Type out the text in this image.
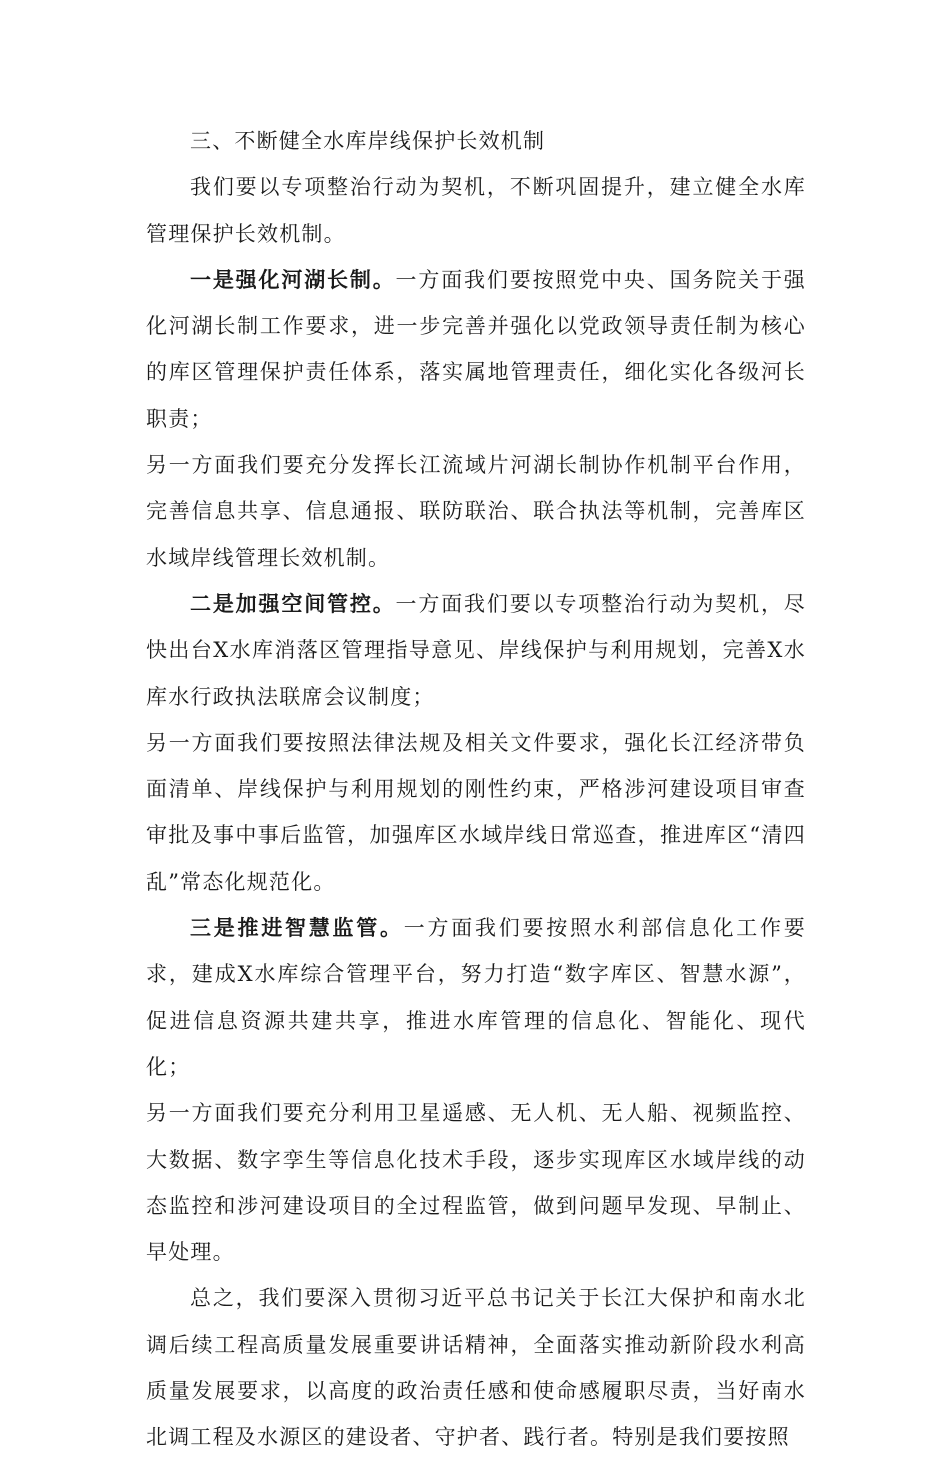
三、不断健全水库岸线保护长效机制

我们要以专项整治行动为契机，不断巩固提升，建立健全水库管理保护长效机制。

一是强化河湖长制。一方面我们要按照党中央、国务院关于强化河湖长制工作要求，进一步完善并强化以党政领导责任制为核心的库区管理保护责任体系，落实属地管理责任，细化实化各级河长职责；

另一方面我们要充分发挥长江流域片河湖长制协作机制平台作用，完善信息共享、信息通报、联防联治、联合执法等机制，完善库区水域岸线管理长效机制。

二是加强空间管控。一方面我们要以专项整治行动为契机，尽快出台X水库消落区管理指导意见、岸线保护与利用规划，完善X水库水行政执法联席会议制度；

另一方面我们要按照法律法规及相关文件要求，强化长江经济带负面清单、岸线保护与利用规划的刚性约束，严格涉河建设项目审查审批及事中事后监管，加强库区水域岸线日常巡查，推进库区“清四乱”常态化规范化。

三是推进智慧监管。一方面我们要按照水利部信息化工作要求，建成X水库综合管理平台，努力打造“数字库区、智慧水源”，促进信息资源共建共享，推进水库管理的信息化、智能化、现代化；

另一方面我们要充分利用卫星遥感、无人机、无人船、视频监控、大数据、数字孪生等信息化技术手段，逐步实现库区水域岸线的动态监控和涉河建设项目的全过程监管，做到问题早发现、早制止、早处理。

总之，我们要深入贯彻习近平总书记关于长江大保护和南水北调后续工程高质量发展重要讲话精神，全面落实推动新阶段水利高质量发展要求，以高度的政治责任感和使命感履职尽责，当好南水北调工程及水源区的建设者、守护者、践行者。特别是我们要按照
